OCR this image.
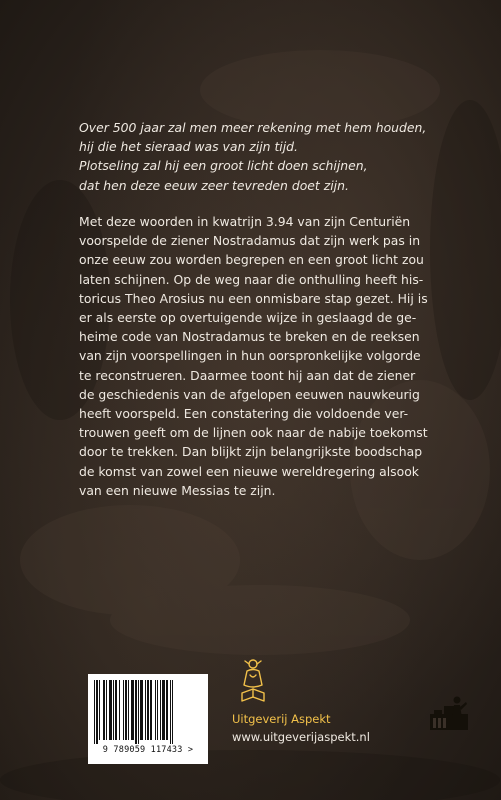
Over 500 jaar zal men meer rekening met hem houden,
hij die het sieraad was van zijn tijd.
Plotseling zal hij een groot licht doen schijnen,
dat hen deze eeuw zeer tevreden doet zijn.
Met deze woorden in kwatrijn 3.94 van zijn Centuriën
voorspelde de ziener Nostradamus dat zijn werk pas in
onze eeuw zou worden begrepen en een groot licht zou
laten schijnen. Op de weg naar die onthulling heeft his-
toricus Theo Arosius nu een onmisbare stap gezet. Hij is
er als eerste op overtuigende wijze in geslaagd de ge-
heime code van Nostradamus te breken en de reeksen
van zijn voorspellingen in hun oorspronkelijke volgorde
te reconstrueren. Daarmee toont hij aan dat de ziener
de geschiedenis van de afgelopen eeuwen nauwkeurig
heeft voorspeld. Een constatering die voldoende ver-
trouwen geeft om de lijnen ook naar de nabije toekomst
door te trekken. Dan blijkt zijn belangrijkste boodschap
de komst van zowel een nieuwe wereldregering alsook
van een nieuwe Messias te zijn.
9 789059 117433 >
Uitgeverij Aspekt
www.uitgeverijaspekt.nl
